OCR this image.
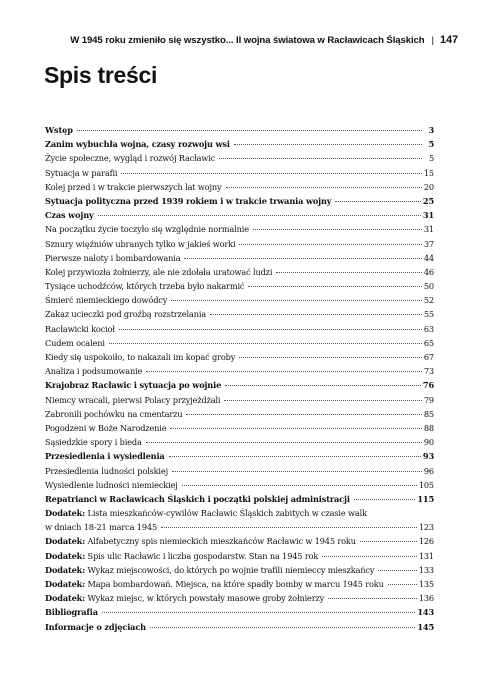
W 1945 roku zmieniło się wszystko... II wojna światowa w Racławicach Śląskich | 147
Spis treści
Wstęp	3
Zanim wybuchła wojna, czasy rozwoju wsi	5
Życie społeczne, wygląd i rozwój Racławic	5
Sytuacja w parafii	15
Kolej przed i w trakcie pierwszych lat wojny	20
Sytuacja polityczna przed 1939 rokiem i w trakcie trwania wojny	25
Czas wojny	31
Na początku życie toczyło się względnie normalnie	31
Sznury więźniów ubranych tylko w jakieś worki	37
Pierwsze naloty i bombardowania	44
Kolej przywiozła żołnierzy, ale nie zdołała uratować ludzi	46
Tysiące uchodźców, których trzeba było nakarmić	50
Śmierć niemieckiego dowódcy	52
Zakaz ucieczki pod groźbą rozstrzelania	55
Racławicki kocioł	63
Cudem ocaleni	65
Kiedy się uspokoiło, to nakazali im kopać groby	67
Analiza i podsumowanie	73
Krajobraz Racławic i sytuacja po wojnie	76
Niemcy wracali, pierwsi Polacy przyjeżdżali	79
Zabronili pochówku na cmentarzu	85
Pogodzeni w Boże Narodzenie	88
Sąsiedzkie spory i bieda	90
Przesiedlenia i wysiedlenia	93
Przesiedlenia ludności polskiej	96
Wysiedlenie ludności niemieckiej	105
Repatrianci w Racławicach Śląskich i początki polskiej administracji	115
Dodatek: Lista mieszkańców-cywilów Racławic Śląskich zabitych w czasie walk
w dniach 18-21 marca 1945	123
Dodatek: Alfabetyczny spis niemieckich mieszkańców Racławic w 1945 roku	126
Dodatek: Spis ulic Racławic i liczba gospodarstw. Stan na 1945 rok	131
Dodatek: Wykaz miejscowości, do których po wojnie trafili niemieccy mieszkańcy	133
Dodatek: Mapa bombardowań. Miejsca, na które spadły bomby w marcu 1945 roku	135
Dodatek: Wykaz miejsc, w których powstały masowe groby żołnierzy	136
Bibliografia	143
Informacje o zdjęciach	145
